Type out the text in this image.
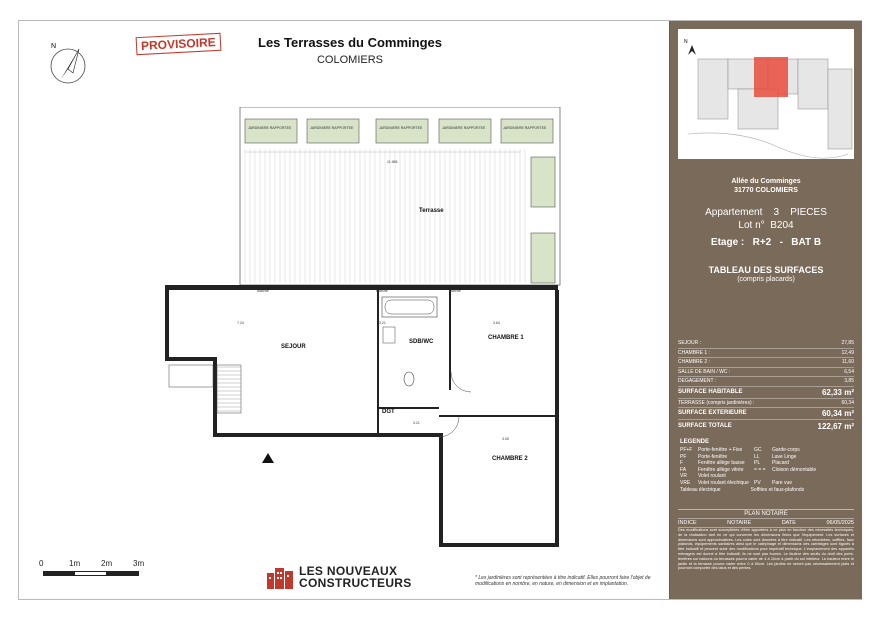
N	PROVISOIRE	Les Terrasses du Comminges
COLOMIERS
Terrasse
SEJOUR
SDB/WC
CHAMBRE 1
CHAMBRE 2
DGT
JARDINIERE RAPPORTEE	JARDINIERE RAPPORTEE	JARDINIERE RAPPORTEE	JARDINIERE RAPPORTEE	JARDINIERE RAPPORTEE
11.965
7.24	3.21
3.21
3.64
3.05
Marche	Marche	Marche
0	1m	2m	3m
LES NOUVEAUX
CONSTRUCTEURS	* Les jardinières sont représentées à titre indicatif. Elles pourront faire l'objet de modifications en nombre, en nature, en dimension et en implantation.
N
Allée du Comminges
31770 COLOMIERS
Appartement 3 PIECES
Lot n° B204
Etage : R+2 - BAT B
TABLEAU DES SURFACES
(compris placards)
SEJOUR :	27,85
CHAMBRE 1 :	12,49
CHAMBRE 2 :	11,60
SALLE DE BAIN / WC :	6,54
DEGAGEMENT :	3,85
SURFACE HABITABLE	62,33 m²
TERRASSE (compris jardinières) :	60,34
SURFACE EXTERIEURE	60,34 m²
SURFACE TOTALE	122,67 m²
LEGENDE
PF+F	Porte-fenêtre + Fixe	GC	Garde-corps
PF	Porte-fenêtre	LL	Lave Linge
F	Fenêtre allège basse	PL	Placard
FA	Fenêtre allège vitrée	= = =	Cloison démontable
VR	Volet roulant
VRE	Volet roulant électrique	PV	Pare vue
Tableau électrique	Soffites et faux-plafonds
PLAN NOTAIRE
INDICE	NOTAIRE	DATE	06/05/2025
Des modifications sont susceptibles d'être apportées à ce plan en fonction des nécessités techniques, de la réalisation tant en ce qui concerne les dimensions finies que l'équipement. Les surfaces et dimensions sont approximatives. Les cotes sont données à titre indicatif. Les retombées, soffites, faux plafonds, équipements sanitaires ainsi que le calepinage et dimensions des carrelages sont figurés à titre indicatif et peuvent subir des modifications pour impératif technique. L'emplacement des appareils ménagers est donné à titre indicatif, ils ne sont pas fournis. Le fauteur des seuils du droit des porte-fenêtres sur balcons ou terrasses pourra varier de 4 à 10cm à partir du sol intérieur. La hauteur entre le jardin et la terrasse pourra varier entre 0 à 60cm. Les jardins ne seront pas nécessairement plats et pourront comporter des talus et des pentes.
